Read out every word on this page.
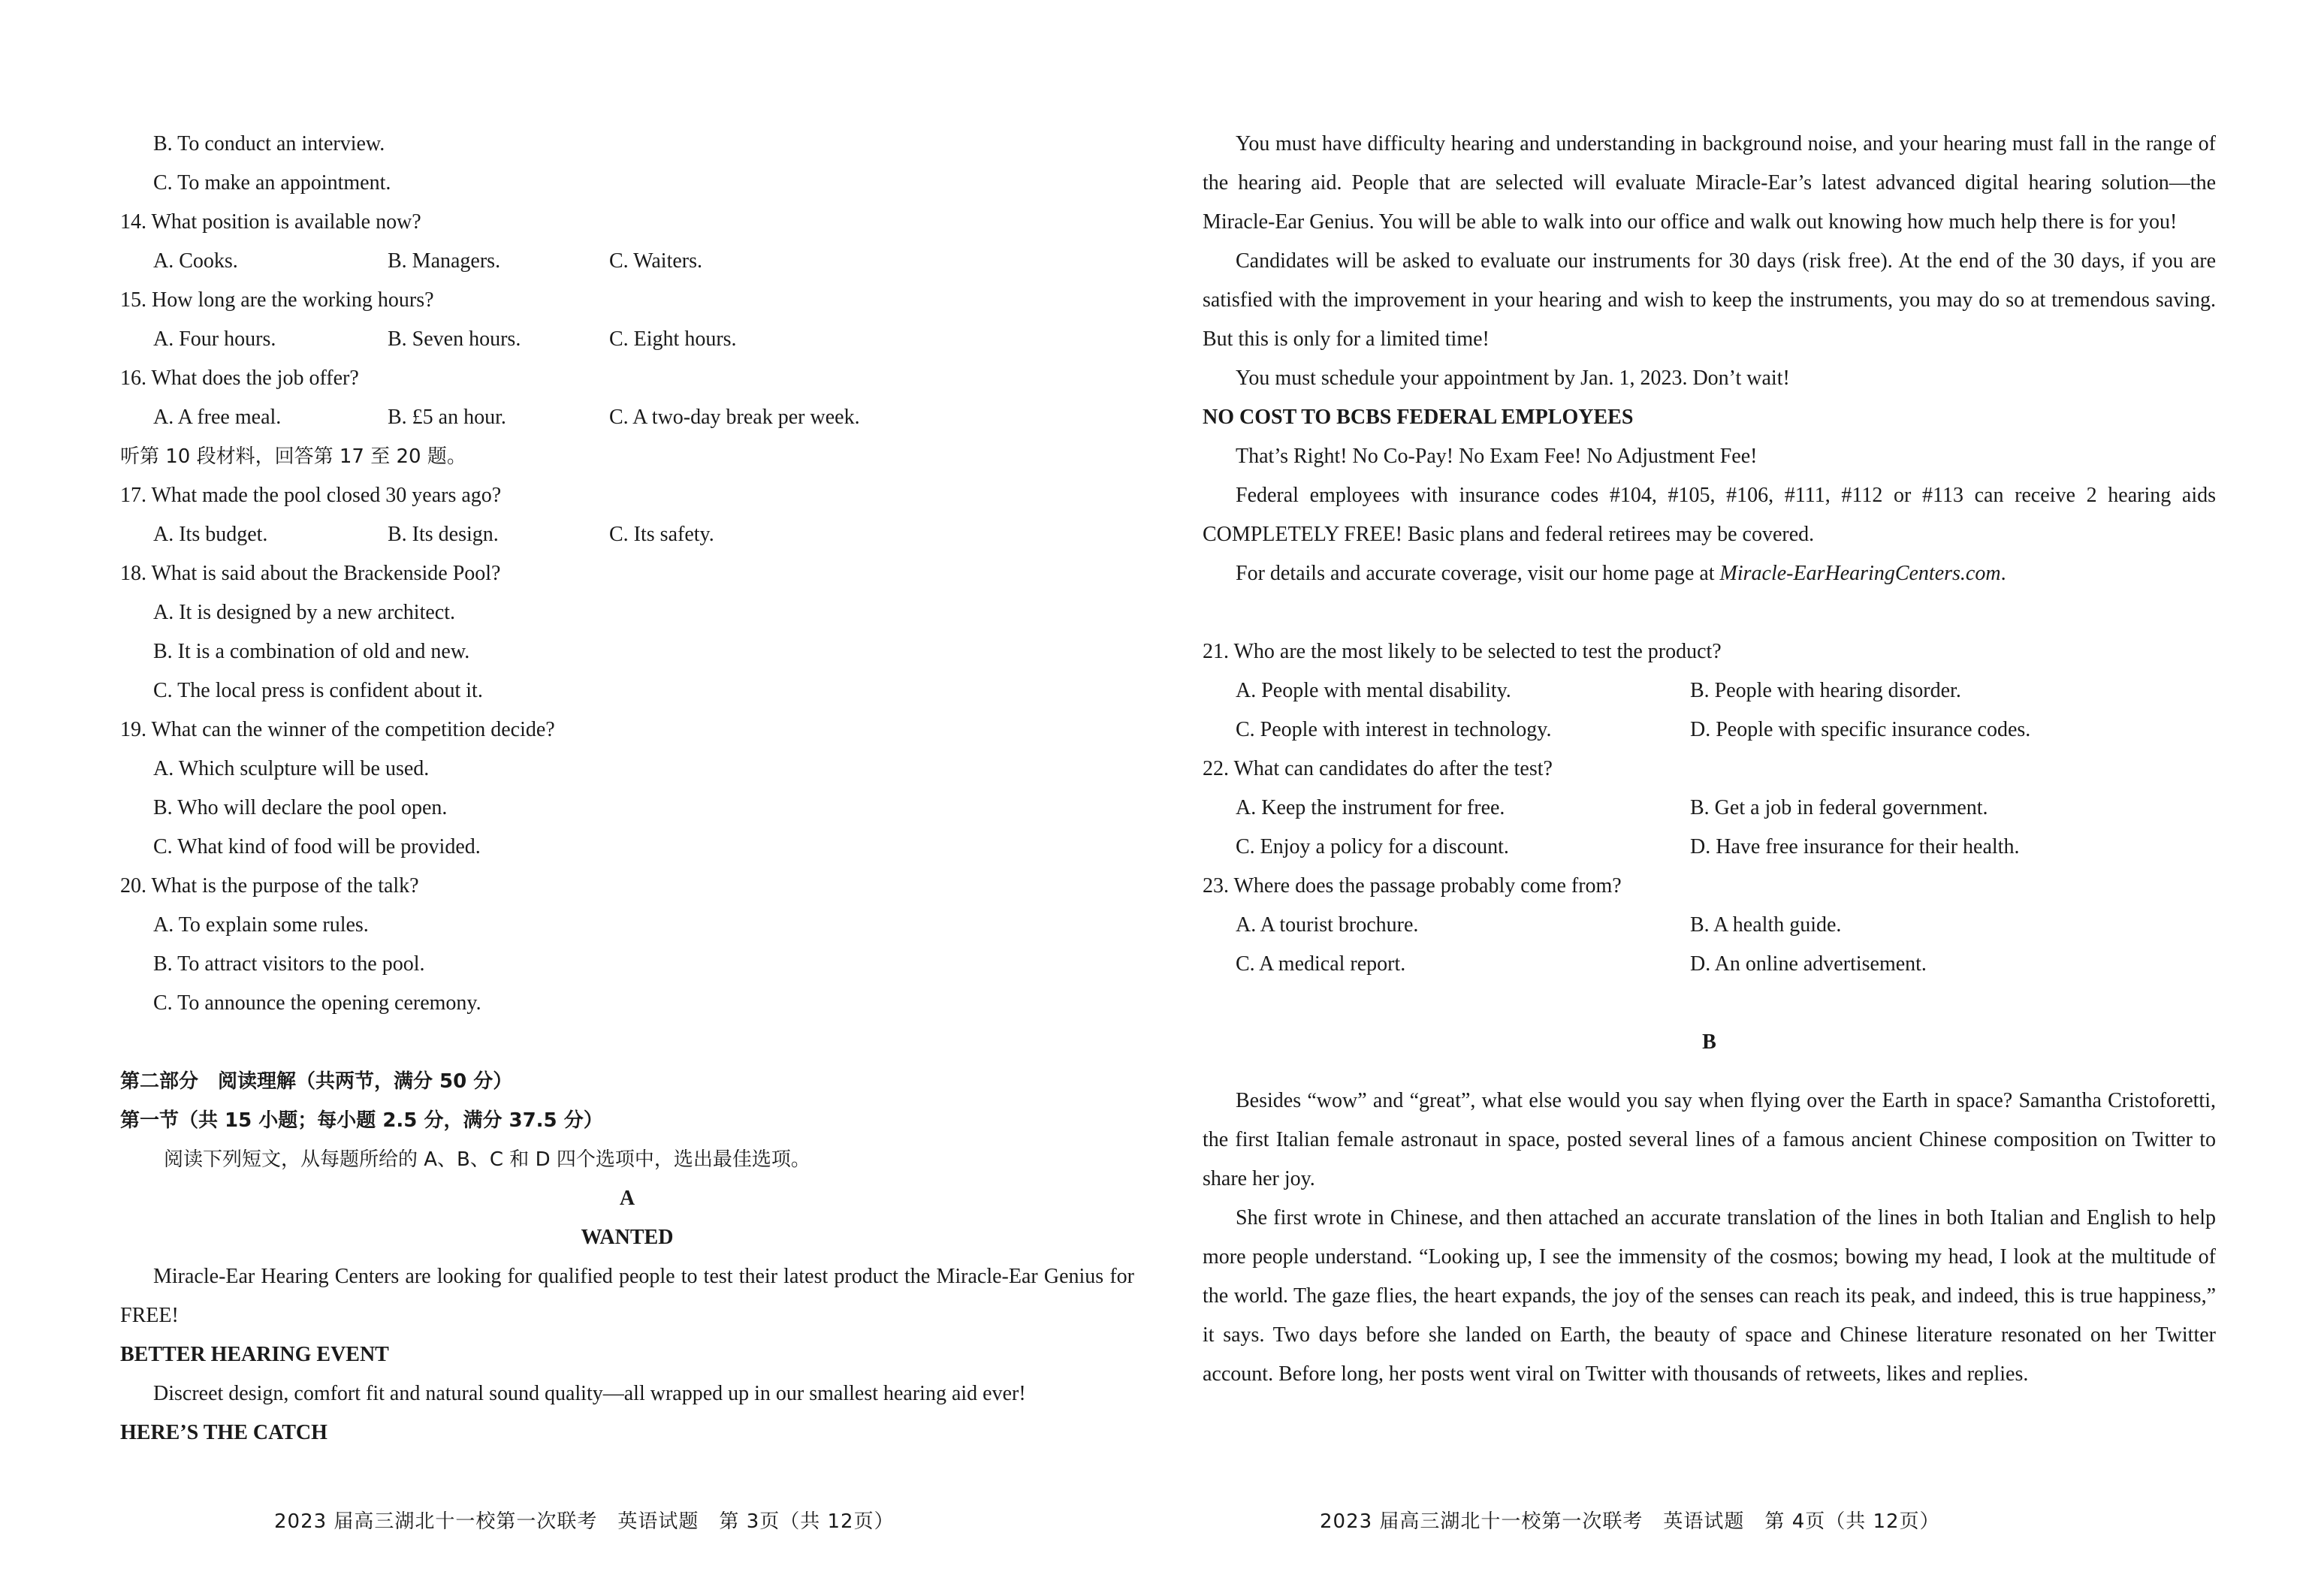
B. To conduct an interview.
C. To make an appointment.
14. What position is available now?
A. Cooks.	B. Managers.	C. Waiters.
15. How long are the working hours?
A. Four hours.	B. Seven hours.	C. Eight hours.
16. What does the job offer?
A. A free meal.	B. £5 an hour.	C. A two-day break per week.
听第 10 段材料，回答第 17 至 20 题。
17. What made the pool closed 30 years ago?
A. Its budget.	B. Its design.	C. Its safety.
18. What is said about the Brackenside Pool?
A. It is designed by a new architect.
B. It is a combination of old and new.
C. The local press is confident about it.
19. What can the winner of the competition decide?
A. Which sculpture will be used.
B. Who will declare the pool open.
C. What kind of food will be provided.
20. What is the purpose of the talk?
A. To explain some rules.
B. To attract visitors to the pool.
C. To announce the opening ceremony.
第二部分　阅读理解（共两节，满分 50 分）
第一节（共 15 小题；每小题 2.5 分，满分 37.5 分）
阅读下列短文，从每题所给的 A、B、C 和 D 四个选项中，选出最佳选项。
A
WANTED
Miracle-Ear Hearing Centers are looking for qualified people to test their latest product the Miracle-Ear Genius for FREE!
BETTER HEARING EVENT
Discreet design, comfort fit and natural sound quality—all wrapped up in our smallest hearing aid ever!
HERE’S THE CATCH
2023 届高三湖北十一校第一次联考　英语试题　第 3页（共 12页）
You must have difficulty hearing and understanding in background noise, and your hearing must fall in the range of the hearing aid. People that are selected will evaluate Miracle-Ear’s latest advanced digital hearing solution—the Miracle-Ear Genius. You will be able to walk into our office and walk out knowing how much help there is for you!
Candidates will be asked to evaluate our instruments for 30 days (risk free). At the end of the 30 days, if you are satisfied with the improvement in your hearing and wish to keep the instruments, you may do so at tremendous saving. But this is only for a limited time!
You must schedule your appointment by Jan. 1, 2023. Don’t wait!
NO COST TO BCBS FEDERAL EMPLOYEES
That’s Right! No Co-Pay! No Exam Fee! No Adjustment Fee!
Federal employees with insurance codes #104, #105, #106, #111, #112 or #113 can receive 2 hearing aids COMPLETELY FREE! Basic plans and federal retirees may be covered.
For details and accurate coverage, visit our home page at Miracle-EarHearingCenters.com.
21. Who are the most likely to be selected to test the product?
A. People with mental disability.	B. People with hearing disorder.
C. People with interest in technology.	D. People with specific insurance codes.
22. What can candidates do after the test?
A. Keep the instrument for free.	B. Get a job in federal government.
C. Enjoy a policy for a discount.	D. Have free insurance for their health.
23. Where does the passage probably come from?
A. A tourist brochure.	B. A health guide.
C. A medical report.	D. An online advertisement.
B
Besides “wow” and “great”, what else would you say when flying over the Earth in space? Samantha Cristoforetti, the first Italian female astronaut in space, posted several lines of a famous ancient Chinese composition on Twitter to share her joy.
She first wrote in Chinese, and then attached an accurate translation of the lines in both Italian and English to help more people understand. “Looking up, I see the immensity of the cosmos; bowing my head, I look at the multitude of the world. The gaze flies, the heart expands, the joy of the senses can reach its peak, and indeed, this is true happiness,” it says. Two days before she landed on Earth, the beauty of space and Chinese literature resonated on her Twitter account. Before long, her posts went viral on Twitter with thousands of retweets, likes and replies.
2023 届高三湖北十一校第一次联考　英语试题　第 4页（共 12页）
